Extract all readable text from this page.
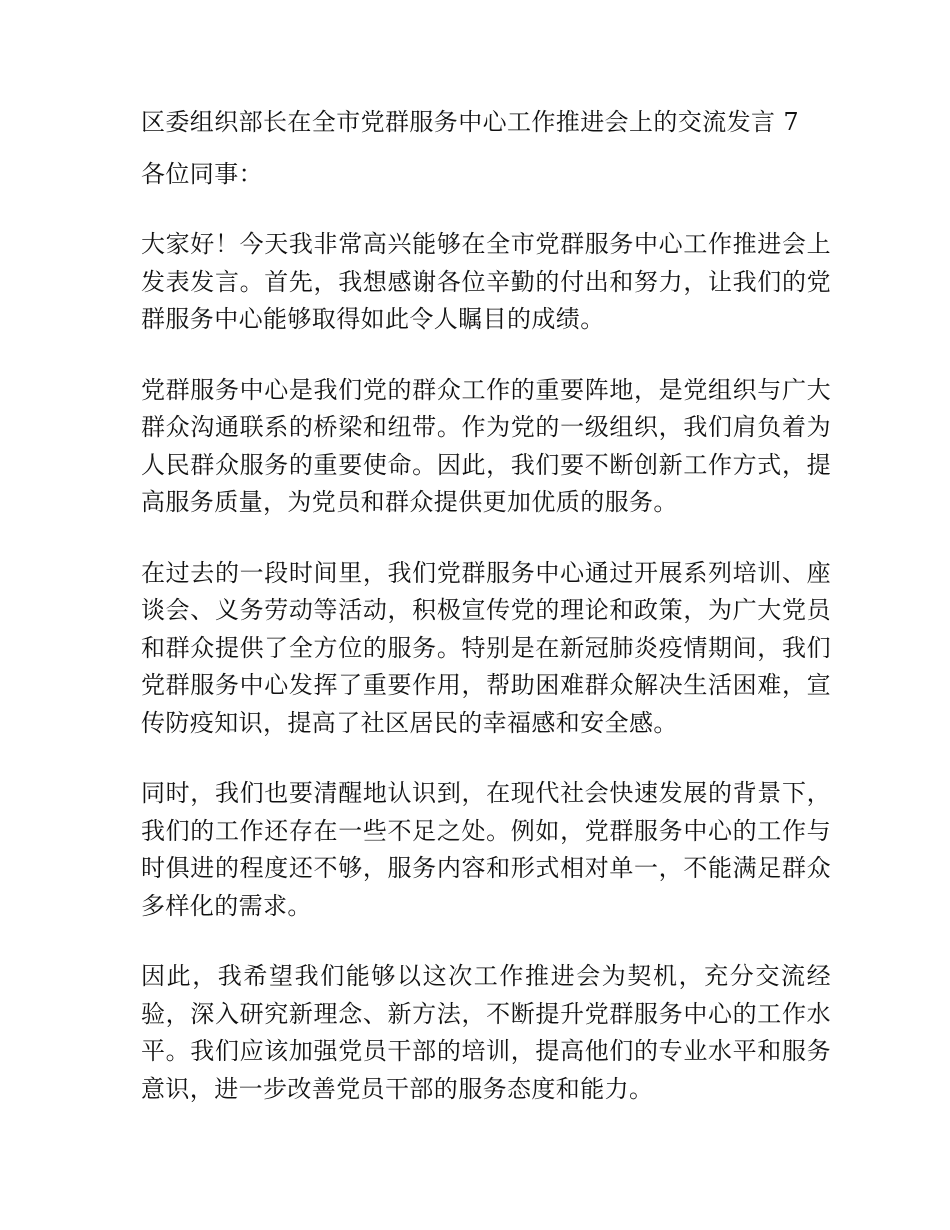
区委组织部长在全市党群服务中心工作推进会上的交流发言 7

各位同事：

大家好！今天我非常高兴能够在全市党群服务中心工作推进会上发表发言。首先，我想感谢各位辛勤的付出和努力，让我们的党群服务中心能够取得如此令人瞩目的成绩。

党群服务中心是我们党的群众工作的重要阵地，是党组织与广大群众沟通联系的桥梁和纽带。作为党的一级组织，我们肩负着为人民群众服务的重要使命。因此，我们要不断创新工作方式，提高服务质量，为党员和群众提供更加优质的服务。

在过去的一段时间里，我们党群服务中心通过开展系列培训、座谈会、义务劳动等活动，积极宣传党的理论和政策，为广大党员和群众提供了全方位的服务。特别是在新冠肺炎疫情期间，我们党群服务中心发挥了重要作用，帮助困难群众解决生活困难，宣传防疫知识，提高了社区居民的幸福感和安全感。

同时，我们也要清醒地认识到，在现代社会快速发展的背景下，我们的工作还存在一些不足之处。例如，党群服务中心的工作与时俱进的程度还不够，服务内容和形式相对单一，不能满足群众多样化的需求。

因此，我希望我们能够以这次工作推进会为契机，充分交流经验，深入研究新理念、新方法，不断提升党群服务中心的工作水平。我们应该加强党员干部的培训，提高他们的专业水平和服务意识，进一步改善党员干部的服务态度和能力。
